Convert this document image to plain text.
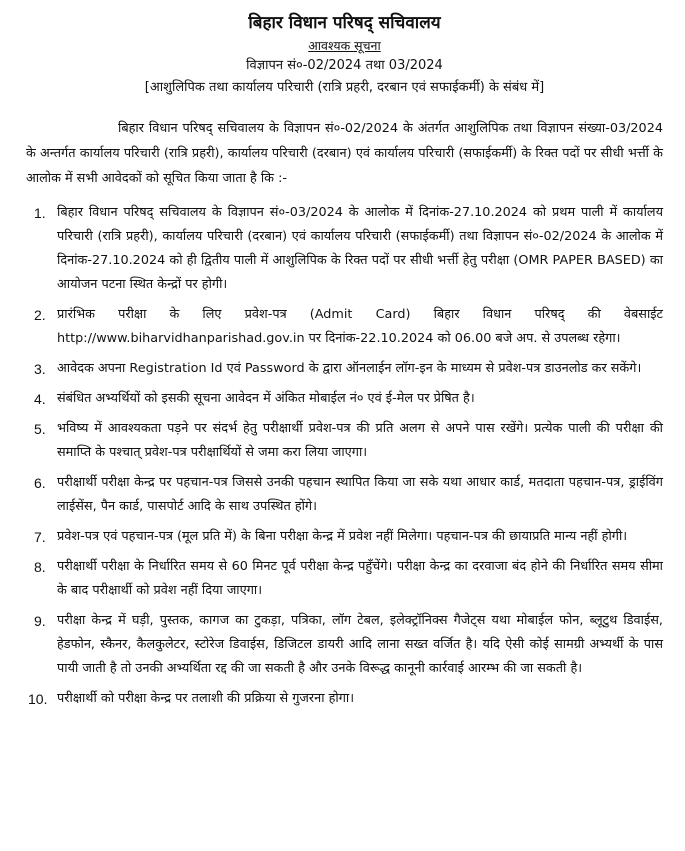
बिहार विधान परिषद् सचिवालय
आवश्यक सूचना
विज्ञापन सं०-02/2024 तथा 03/2024
[आशुलिपिक तथा कार्यालय परिचारी (रात्रि प्रहरी, दरबान एवं सफाईकर्मी) के संबंध में]

बिहार विधान परिषद् सचिवालय के विज्ञापन सं०-02/2024 के अंतर्गत आशुलिपिक तथा विज्ञापन संख्या-03/2024 के अन्तर्गत कार्यालय परिचारी (रात्रि प्रहरी), कार्यालय परिचारी (दरबान) एवं कार्यालय परिचारी (सफाईकर्मी) के रिक्त पदों पर सीधी भर्त्ती के आलोक में सभी आवेदकों को सूचित किया जाता है कि :-

1. बिहार विधान परिषद् सचिवालय के विज्ञापन सं०-03/2024 के आलोक में दिनांक-27.10.2024 को प्रथम पाली में कार्यालय परिचारी (रात्रि प्रहरी), कार्यालय परिचारी (दरबान) एवं कार्यालय परिचारी (सफाईकर्मी) तथा विज्ञापन सं०-02/2024 के आलोक में दिनांक-27.10.2024 को ही द्वितीय पाली में आशुलिपिक के रिक्त पदों पर सीधी भर्त्ती हेतु परीक्षा (OMR PAPER BASED) का आयोजन पटना स्थित केन्द्रों पर होगी।
2. प्रारंभिक परीक्षा के लिए प्रवेश-पत्र (Admit Card) बिहार विधान परिषद् की वेबसाईट http://www.biharvidhanparishad.gov.in पर दिनांक-22.10.2024 को 06.00 बजे अप. से उपलब्ध रहेगा।
3. आवेदक अपना Registration Id एवं Password के द्वारा ऑनलाईन लॉग-इन के माध्यम से प्रवेश-पत्र डाउनलोड कर सकेंगे।
4. संबंधित अभ्यर्थियों को इसकी सूचना आवेदन में अंकित मोबाईल नं० एवं ई-मेल पर प्रेषित है।
5. भविष्य में आवश्यकता पड़ने पर संदर्भ हेतु परीक्षार्थी प्रवेश-पत्र की प्रति अलग से अपने पास रखेंगे। प्रत्येक पाली की परीक्षा की समाप्ति के पश्चात् प्रवेश-पत्र परीक्षार्थियों से जमा करा लिया जाएगा।
6. परीक्षार्थी परीक्षा केन्द्र पर पहचान-पत्र जिससे उनकी पहचान स्थापित किया जा सके यथा आधार कार्ड, मतदाता पहचान-पत्र, ड्राईविंग लाईसेंस, पैन कार्ड, पासपोर्ट आदि के साथ उपस्थित होंगे।
7. प्रवेश-पत्र एवं पहचान-पत्र (मूल प्रति में) के बिना परीक्षा केन्द्र में प्रवेश नहीं मिलेगा। पहचान-पत्र की छायाप्रति मान्य नहीं होगी।
8. परीक्षार्थी परीक्षा के निर्धारित समय से 60 मिनट पूर्व परीक्षा केन्द्र पहुँचेंगे। परीक्षा केन्द्र का दरवाजा बंद होने की निर्धारित समय सीमा के बाद परीक्षार्थी को प्रवेश नहीं दिया जाएगा।
9. परीक्षा केन्द्र में घड़ी, पुस्तक, कागज का टुकड़ा, पत्रिका, लॉग टेबल, इलेक्ट्रॉनिक्स गैजेट्स यथा मोबाईल फोन, ब्लूटुथ डिवाईस, हेडफोन, स्कैनर, कैलकुलेटर, स्टोरेज डिवाईस, डिजिटल डायरी आदि लाना सख्त वर्जित है। यदि ऐसी कोई सामग्री अभ्यर्थी के पास पायी जाती है तो उनकी अभ्यर्थिता रद्द की जा सकती है और उनके विरूद्ध कानूनी कार्रवाई आरम्भ की जा सकती है।
10. परीक्षार्थी को परीक्षा केन्द्र पर तलाशी की प्रक्रिया से गुजरना होगा।
